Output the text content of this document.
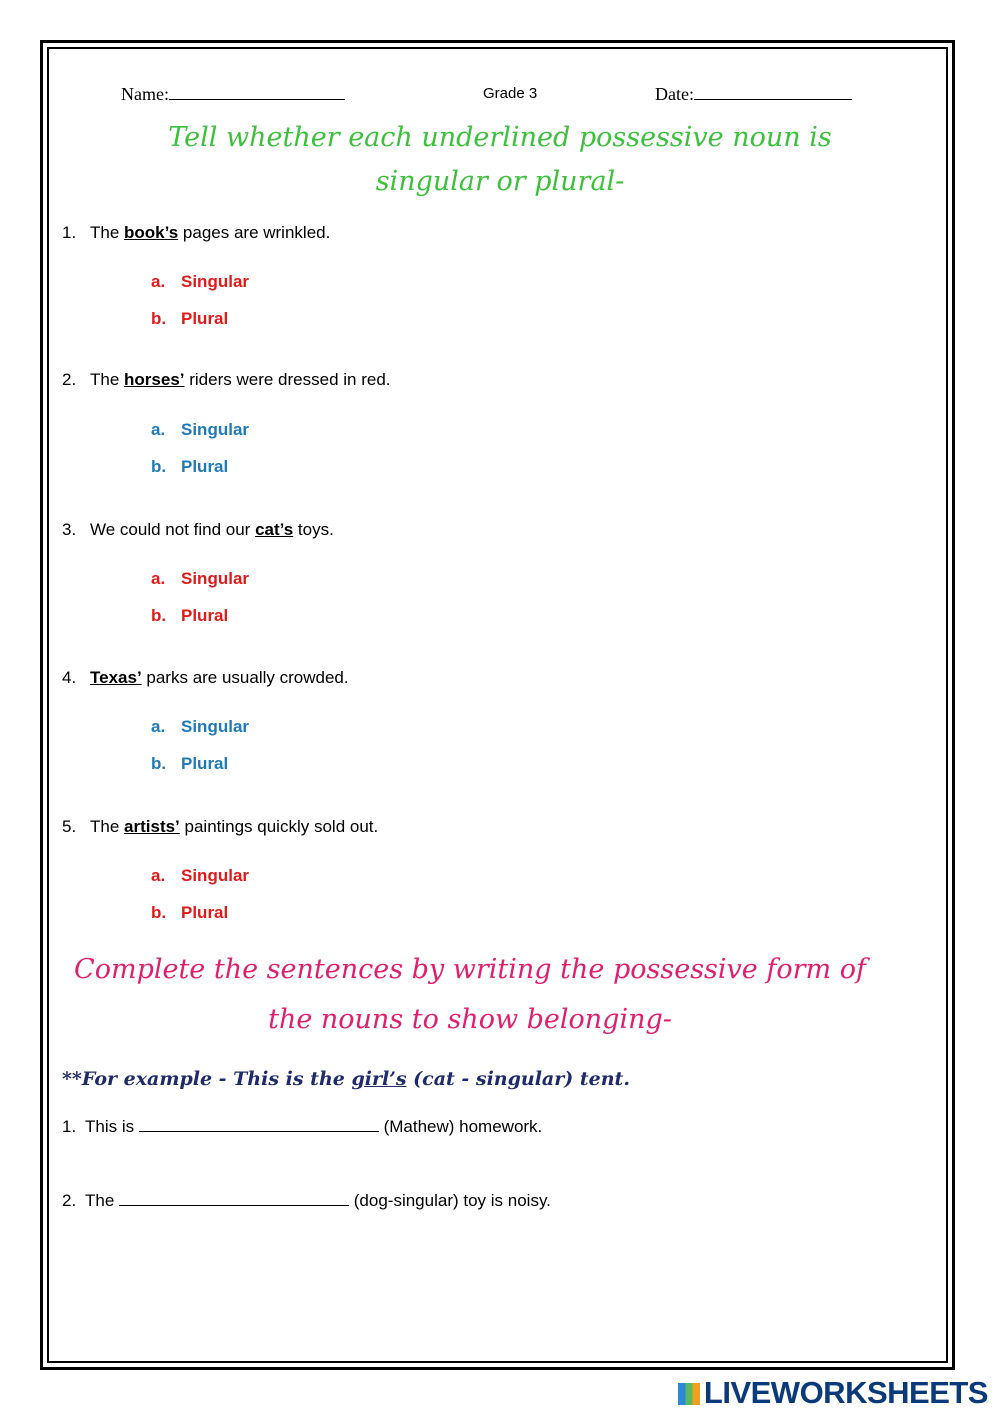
Name:	Grade 3	Date:
Tell whether each underlined possessive noun is
singular or plural-
1. The book’s pages are wrinkled.
a. Singular
b. Plural
2. The horses’ riders were dressed in red.
a. Singular
b. Plural
3. We could not find our cat’s toys.
a. Singular
b. Plural
4. Texas’ parks are usually crowded.
a. Singular
b. Plural
5. The artists’ paintings quickly sold out.
a. Singular
b. Plural
Complete the sentences by writing the possessive form of
the nouns to show belonging-
**For example - This is the girl’s (cat - singular) tent.
1. This is	(Mathew) homework.
2. The	(dog-singular) toy is noisy.
LIVEWORKSHEETS
